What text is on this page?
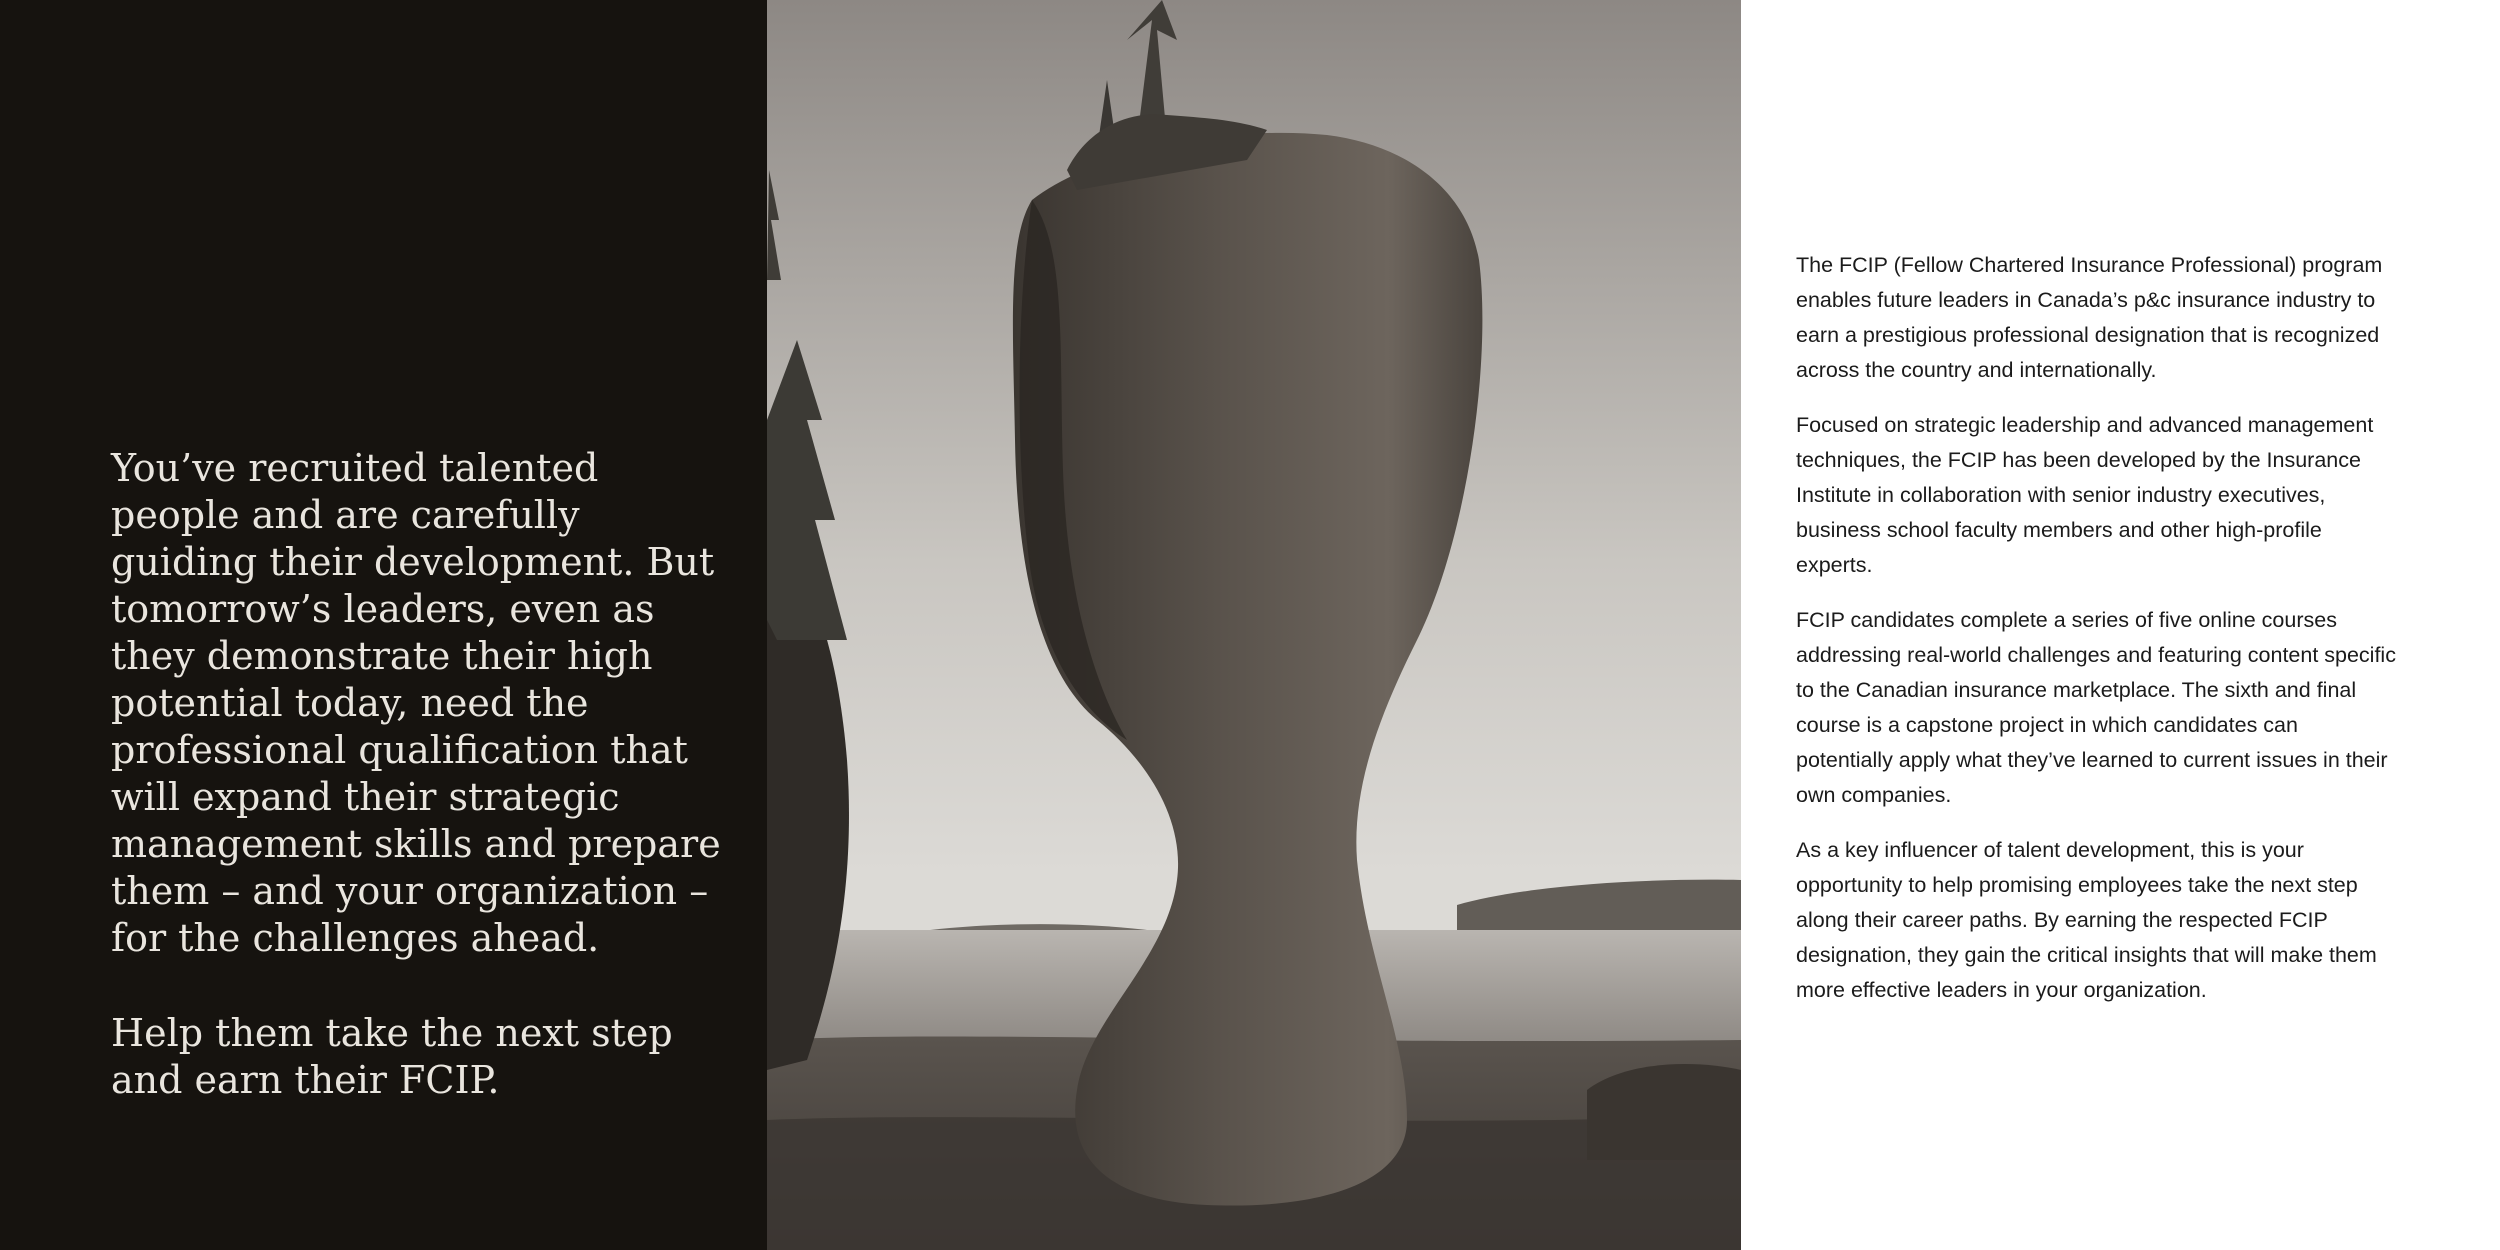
You’ve recruited talented people and are carefully guiding their development. But tomorrow’s leaders, even as they demonstrate their high potential today, need the professional qualification that will expand their strategic management skills and prepare them – and your organization – for the challenges ahead.

Help them take the next step and earn their FCIP.

The FCIP (Fellow Chartered Insurance Professional) program enables future leaders in Canada’s p&c insurance industry to earn a prestigious professional designation that is recognized across the country and internationally.

Focused on strategic leadership and advanced management techniques, the FCIP has been developed by the Insurance Institute in collaboration with senior industry executives, business school faculty members and other high-profile experts.

FCIP candidates complete a series of five online courses addressing real-world challenges and featuring content specific to the Canadian insurance marketplace. The sixth and final course is a capstone project in which candidates can potentially apply what they’ve learned to current issues in their own companies.

As a key influencer of talent development, this is your opportunity to help promising employees take the next step along their career paths. By earning the respected FCIP designation, they gain the critical insights that will make them more effective leaders in your organization.
